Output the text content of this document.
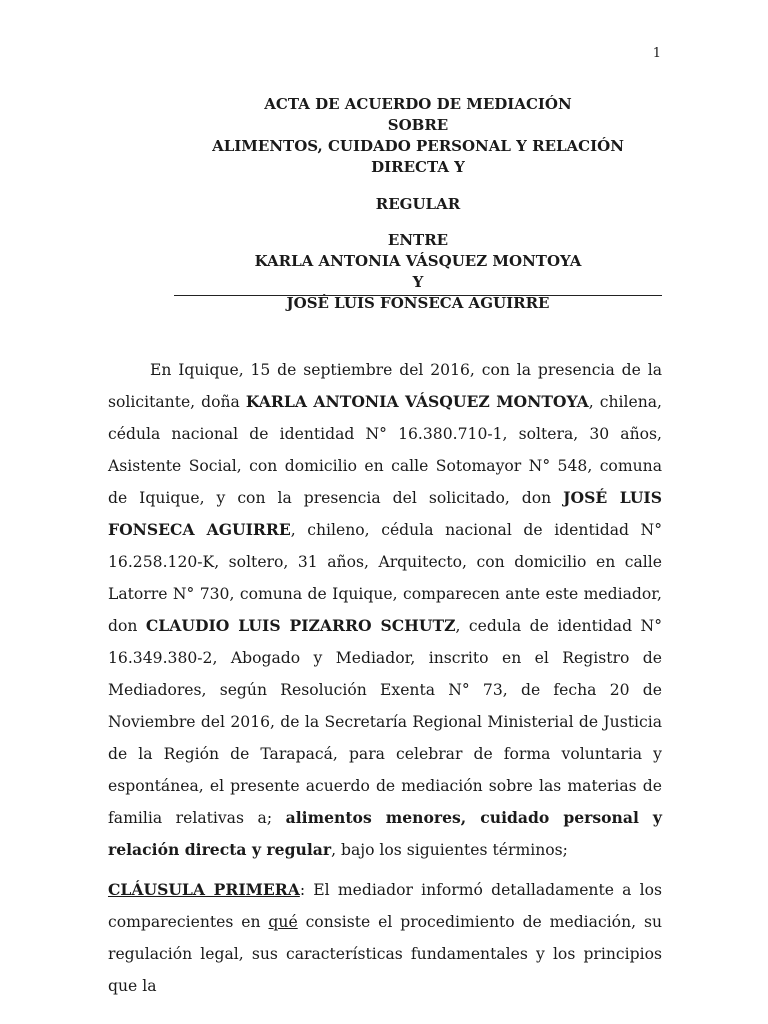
1
ACTA DE ACUERDO DE MEDIACIÓN
SOBRE
ALIMENTOS, CUIDADO PERSONAL Y RELACIÓN DIRECTA Y
REGULAR
ENTRE
KARLA ANTONIA VÁSQUEZ MONTOYA
Y
JOSÉ LUIS FONSECA AGUIRRE

En Iquique, 15 de septiembre del 2016, con la presencia de la solicitante, doña KARLA ANTONIA VÁSQUEZ MONTOYA, chilena, cédula nacional de identidad N° 16.380.710-1, soltera, 30 años, Asistente Social, con domicilio en calle Sotomayor N° 548, comuna de Iquique, y con la presencia del solicitado, don JOSÉ LUIS FONSECA AGUIRRE, chileno, cédula nacional de identidad N° 16.258.120-K, soltero, 31 años, Arquitecto, con domicilio en calle Latorre N° 730, comuna de Iquique, comparecen ante este mediador, don CLAUDIO LUIS PIZARRO SCHUTZ, cedula de identidad N° 16.349.380-2, Abogado y Mediador, inscrito en el Registro de Mediadores, según Resolución Exenta N° 73, de fecha 20 de Noviembre del 2016, de la Secretaría Regional Ministerial de Justicia de la Región de Tarapacá, para celebrar de forma voluntaria y espontánea, el presente acuerdo de mediación sobre las materias de familia relativas a; alimentos menores, cuidado personal y relación directa y regular, bajo los siguientes términos;

CLÁUSULA PRIMERA: El mediador informó detalladamente a los comparecientes en qué consiste el procedimiento de mediación, su regulación legal, sus características fundamentales y los principios que la
